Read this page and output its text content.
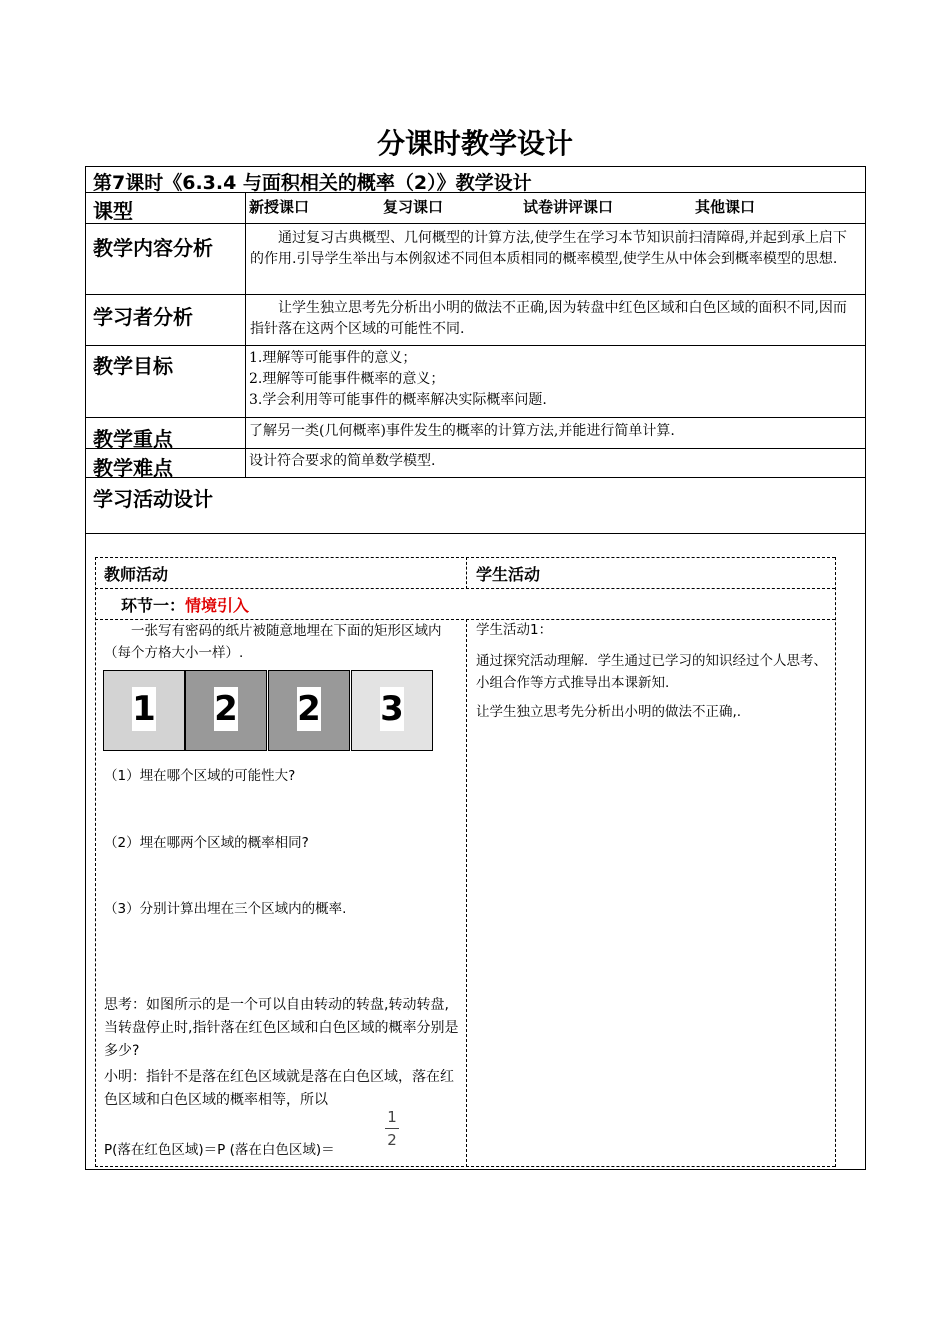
分课时教学设计
第7课时《6.3.4 与面积相关的概率（2）》教学设计
课型	新授课口	复习课口	试卷讲评课口	其他课口
教学内容分析	通过复习古典概型、几何概型的计算方法,使学生在学习本节知识前扫清障碍,并起到承上启下的作用.引导学生举出与本例叙述不同但本质相同的概率模型,使学生从中体会到概率模型的思想.
学习者分析	让学生独立思考先分析出小明的做法不正确,因为转盘中红色区域和白色区域的面积不同,因而指针落在这两个区域的可能性不同.
教学目标	1.理解等可能事件的意义；
2.理解等可能事件概率的意义；
3.学会利用等可能事件的概率解决实际概率问题.
教学重点	了解另一类(几何概率)事件发生的概率的计算方法,并能进行简单计算.
教学难点	设计符合要求的简单数学模型.
学习活动设计
教师活动	学生活动
环节一：情境引入
一张写有密码的纸片被随意地埋在下面的矩形区域内（每个方格大小一样）.
1 2 2 3
（1）埋在哪个区域的可能性大?
（2）埋在哪两个区域的概率相同?
（3）分别计算出埋在三个区域内的概率.
思考：如图所示的是一个可以自由转动的转盘,转动转盘,当转盘停止时,指针落在红色区域和白色区域的概率分别是多少?
小明：指针不是落在红色区域就是落在白色区域，落在红色区域和白色区域的概率相等，所以
P(落在红色区域)＝P (落在白色区域)＝
1
2
学生活动1：
通过探究活动理解．学生通过已学习的知识经过个人思考、小组合作等方式推导出本课新知.
让学生独立思考先分析出小明的做法不正确,.
